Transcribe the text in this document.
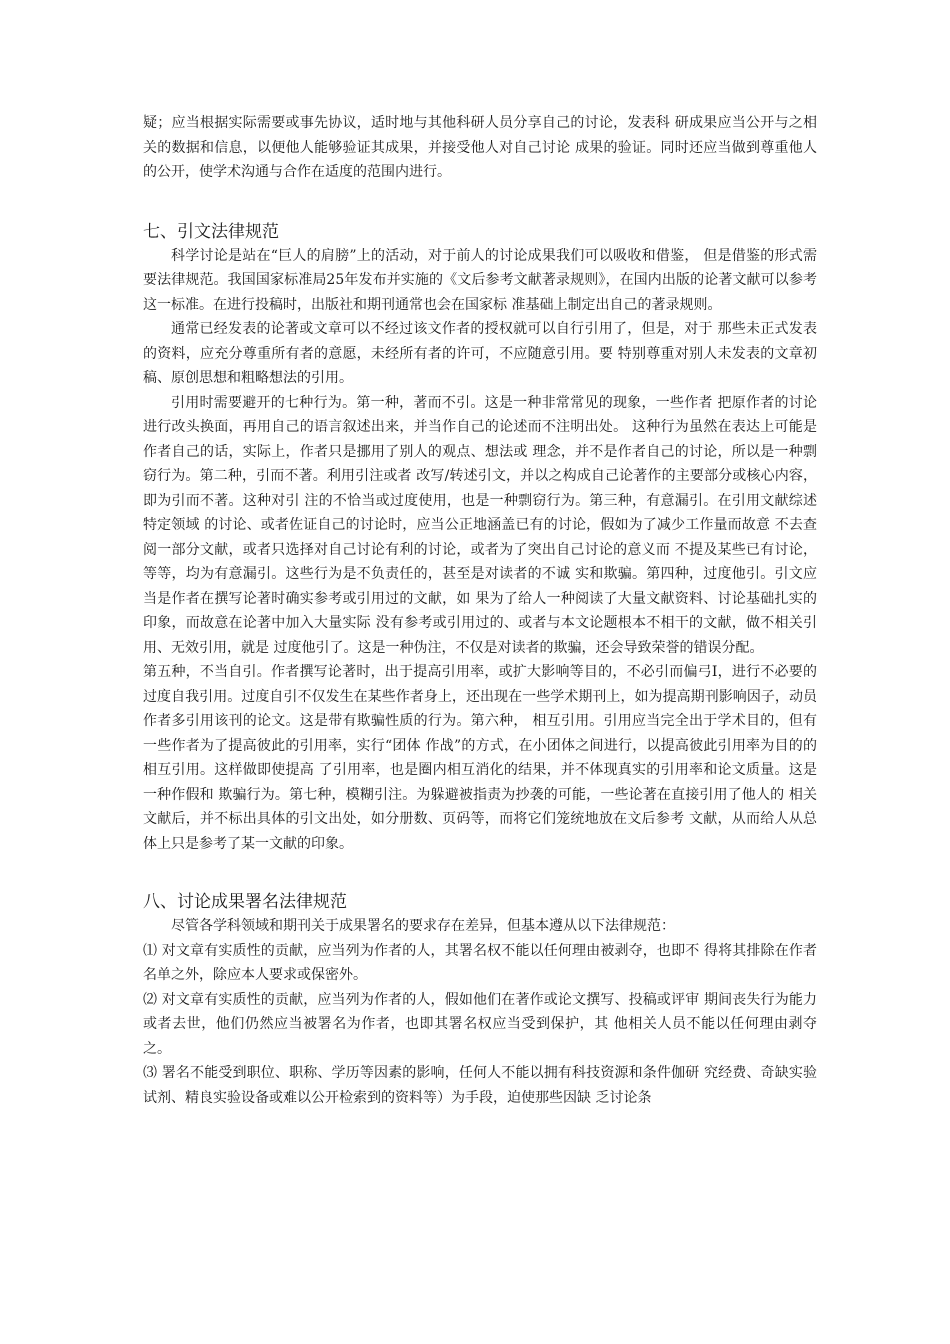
疑；应当根据实际需要或事先协议，适时地与其他科研人员分享自己的讨论，发表科 研成果应当公开与之相关的数据和信息，以便他人能够验证其成果，并接受他人对自己讨论 成果的验证。同时还应当做到尊重他人的公开，使学术沟通与合作在适度的范围内进行。

七、引文法律规范

科学讨论是站在“巨人的肩膀”上的活动，对于前人的讨论成果我们可以吸收和借鉴， 但是借鉴的形式需要法律规范。我国国家标准局25年发布并实施的《文后参考文献著录规则》，在国内出版的论著文献可以参考这一标准。在进行投稿时，出版社和期刊通常也会在国家标 准基础上制定出自己的著录规则。

通常已经发表的论著或文章可以不经过该文作者的授权就可以自行引用了，但是，对于 那些未正式发表的资料，应充分尊重所有者的意愿，未经所有者的许可，不应随意引用。要 特别尊重对别人未发表的文章初稿、原创思想和粗略想法的引用。

引用时需要避开的七种行为。第一种，著而不引。这是一种非常常见的现象，一些作者 把原作者的讨论进行改头换面，再用自己的语言叙述出来，并当作自己的论述而不注明出处。 这种行为虽然在表达上可能是作者自己的话，实际上，作者只是挪用了别人的观点、想法或 理念，并不是作者自己的讨论，所以是一种剽窃行为。第二种，引而不著。利用引注或者 改写/转述引文，并以之构成自己论著作的主要部分或核心内容，即为引而不著。这种对引 注的不恰当或过度使用，也是一种剽窃行为。第三种，有意漏引。在引用文献综述特定领域 的讨论、或者佐证自己的讨论时，应当公正地涵盖已有的讨论，假如为了减少工作量而故意 不去查阅一部分文献，或者只选择对自己讨论有利的讨论，或者为了突出自己讨论的意义而 不提及某些已有讨论，等等，均为有意漏引。这些行为是不负责任的，甚至是对读者的不诚 实和欺骗。第四种，过度他引。引文应当是作者在撰写论著时确实参考或引用过的文献，如 果为了给人一种阅读了大量文献资料、讨论基础扎实的印象，而故意在论著中加入大量实际 没有参考或引用过的、或者与本文论题根本不相干的文献，做不相关引用、无效引用，就是 过度他引了。这是一种伪注，不仅是对读者的欺骗，还会导致荣誉的错误分配。

第五种，不当自引。作者撰写论著时，出于提高引用率，或扩大影响等目的，不必引而偏弓I，进行不必要的过度自我引用。过度自引不仅发生在某些作者身上，还出现在一些学术期刊上，如为提高期刊影响因子，动员作者多引用该刊的论文。这是带有欺骗性质的行为。第六种， 相互引用。引用应当完全出于学术目的，但有一些作者为了提高彼此的引用率，实行“团体 作战”的方式，在小团体之间进行，以提高彼此引用率为目的的相互引用。这样做即使提高 了引用率，也是圈内相互消化的结果，并不体现真实的引用率和论文质量。这是一种作假和 欺骗行为。第七种，模糊引注。为躲避被指责为抄袭的可能，一些论著在直接引用了他人的 相关文献后，并不标出具体的引文出处，如分册数、页码等，而将它们笼统地放在文后参考 文献，从而给人从总体上只是参考了某一文献的印象。

八、讨论成果署名法律规范

尽管各学科领域和期刊关于成果署名的要求存在差异，但基本遵从以下法律规范：

⑴ 对文章有实质性的贡献，应当列为作者的人，其署名权不能以任何理由被剥夺，也即不 得将其排除在作者名单之外，除应本人要求或保密外。

⑵ 对文章有实质性的贡献，应当列为作者的人，假如他们在著作或论文撰写、投稿或评审 期间丧失行为能力或者去世，他们仍然应当被署名为作者，也即其署名权应当受到保护，其 他相关人员不能以任何理由剥夺之。

⑶ 署名不能受到职位、职称、学历等因素的影响，任何人不能以拥有科技资源和条件伽研 究经费、奇缺实验试剂、精良实验设备或难以公开检索到的资料等）为手段，迫使那些因缺 乏讨论条
